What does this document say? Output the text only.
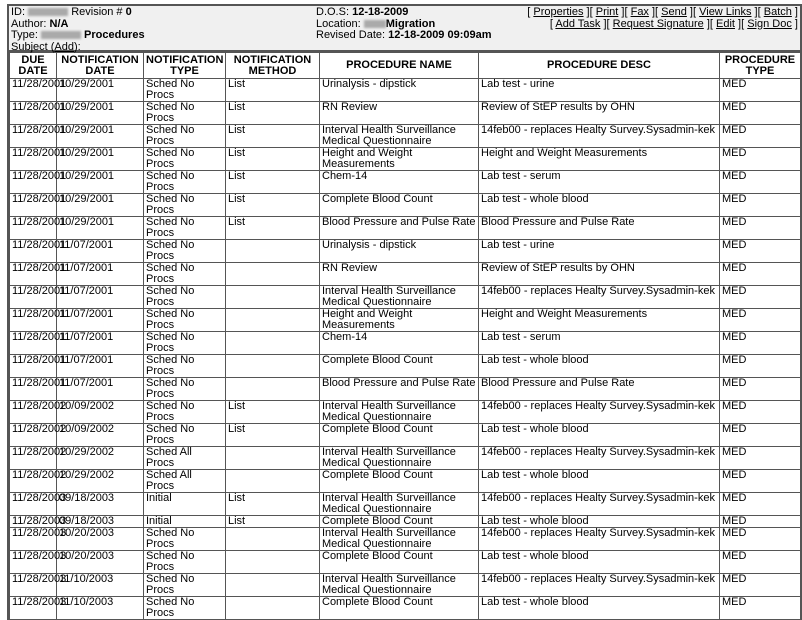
ID:	Revision # 0
Author: N/A
Type:	Procedures
Subject (Add):
D.O.S: 12-18-2009
Location: Migration
Revised Date: 12-18-2009 09:09am
[ Properties ][ Print ][ Fax ][ Send ][ View Links ][ Batch ]
[ Add Task ][ Request Signature ][ Edit ][ Sign Doc ]
DUE DATE	NOTIFICATION DATE	NOTIFICATION TYPE	NOTIFICATION METHOD	PROCEDURE NAME	PROCEDURE DESC	PROCEDURE TYPE
11/28/2001	10/29/2001	Sched No Procs	List	Urinalysis - dipstick	Lab test - urine	MED
11/28/2001	10/29/2001	Sched No Procs	List	RN Review	Review of StEP results by OHN	MED
11/28/2001	10/29/2001	Sched No Procs	List	Interval Health Surveillance Medical Questionnaire	14feb00 - replaces Healty Survey.Sysadmin-kek	MED
11/28/2001	10/29/2001	Sched No Procs	List	Height and Weight Measurements	Height and Weight Measurements	MED
11/28/2001	10/29/2001	Sched No Procs	List	Chem-14	Lab test - serum	MED
11/28/2001	10/29/2001	Sched No Procs	List	Complete Blood Count	Lab test - whole blood	MED
11/28/2001	10/29/2001	Sched No Procs	List	Blood Pressure and Pulse Rate	Blood Pressure and Pulse Rate	MED
11/28/2001	11/07/2001	Sched No Procs		Urinalysis - dipstick	Lab test - urine	MED
11/28/2001	11/07/2001	Sched No Procs		RN Review	Review of StEP results by OHN	MED
11/28/2001	11/07/2001	Sched No Procs		Interval Health Surveillance Medical Questionnaire	14feb00 - replaces Healty Survey.Sysadmin-kek	MED
11/28/2001	11/07/2001	Sched No Procs		Height and Weight Measurements	Height and Weight Measurements	MED
11/28/2001	11/07/2001	Sched No Procs		Chem-14	Lab test - serum	MED
11/28/2001	11/07/2001	Sched No Procs		Complete Blood Count	Lab test - whole blood	MED
11/28/2001	11/07/2001	Sched No Procs		Blood Pressure and Pulse Rate	Blood Pressure and Pulse Rate	MED
11/28/2002	10/09/2002	Sched No Procs	List	Interval Health Surveillance Medical Questionnaire	14feb00 - replaces Healty Survey.Sysadmin-kek	MED
11/28/2002	10/09/2002	Sched No Procs	List	Complete Blood Count	Lab test - whole blood	MED
11/28/2002	10/29/2002	Sched All Procs		Interval Health Surveillance Medical Questionnaire	14feb00 - replaces Healty Survey.Sysadmin-kek	MED
11/28/2002	10/29/2002	Sched All Procs		Complete Blood Count	Lab test - whole blood	MED
11/28/2003	09/18/2003	Initial	List	Interval Health Surveillance Medical Questionnaire	14feb00 - replaces Healty Survey.Sysadmin-kek	MED
11/28/2003	09/18/2003	Initial	List	Complete Blood Count	Lab test - whole blood	MED
11/28/2003	10/20/2003	Sched No Procs		Interval Health Surveillance Medical Questionnaire	14feb00 - replaces Healty Survey.Sysadmin-kek	MED
11/28/2003	10/20/2003	Sched No Procs		Complete Blood Count	Lab test - whole blood	MED
11/28/2003	11/10/2003	Sched No Procs		Interval Health Surveillance Medical Questionnaire	14feb00 - replaces Healty Survey.Sysadmin-kek	MED
11/28/2003	11/10/2003	Sched No Procs		Complete Blood Count	Lab test - whole blood	MED
